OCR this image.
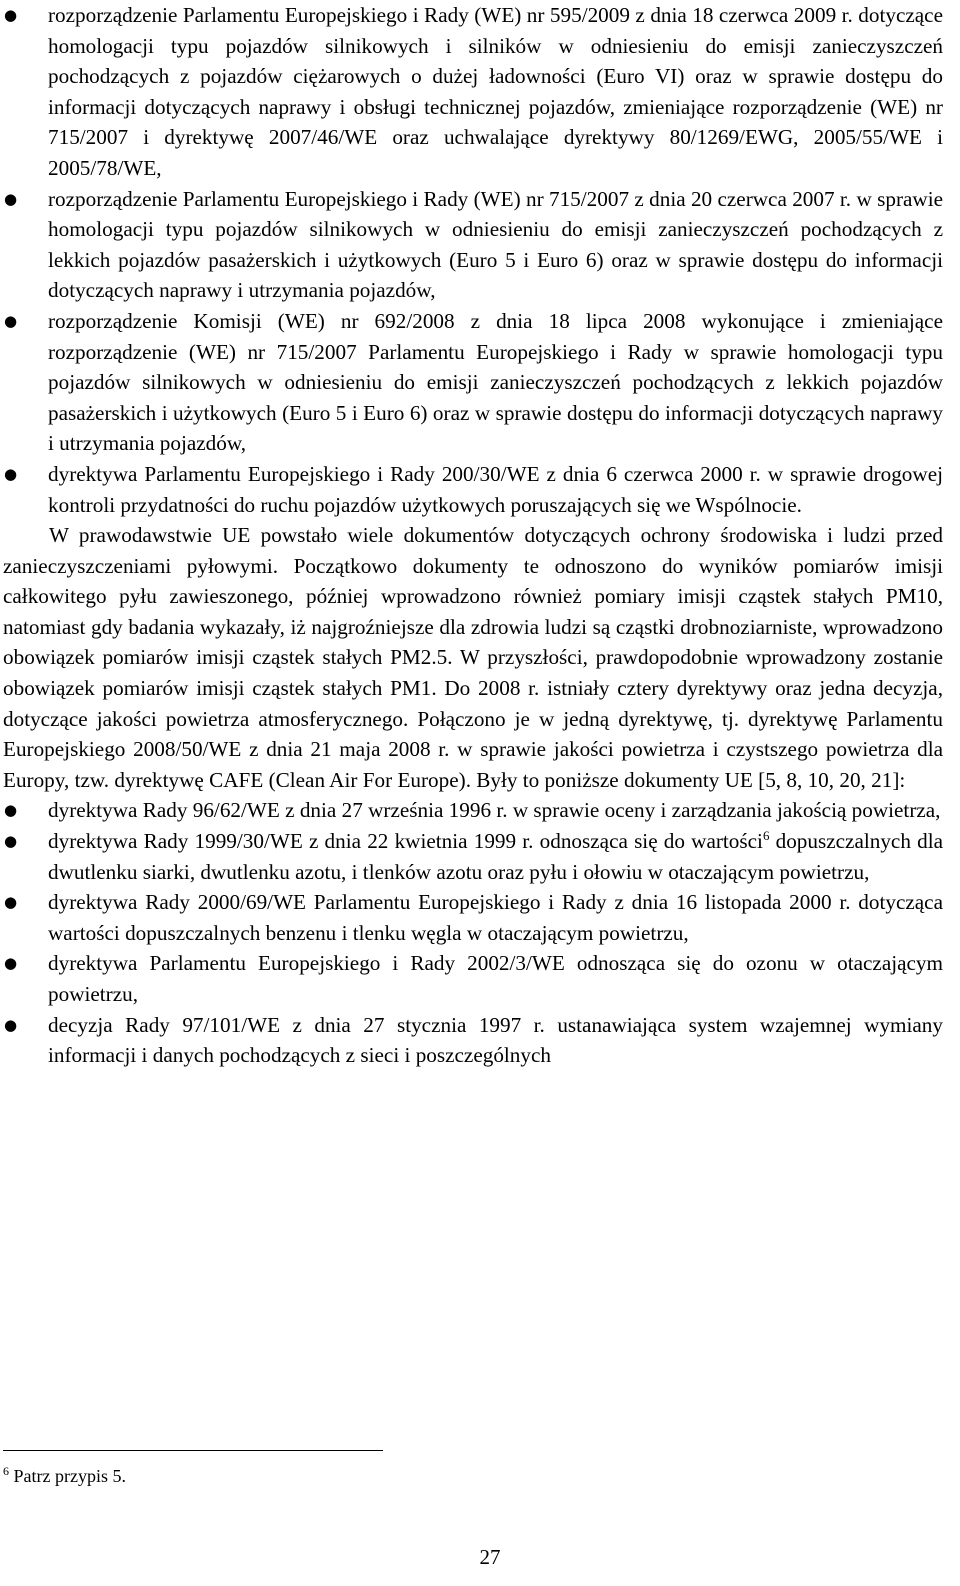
● rozporządzenie Parlamentu Europejskiego i Rady (WE) nr 595/2009 z dnia 18 czerwca 2009 r. dotyczące homologacji typu pojazdów silnikowych i silników w odniesieniu do emisji zanieczyszczeń pochodzących z pojazdów ciężarowych o dużej ładowności (Euro VI) oraz w sprawie dostępu do informacji dotyczących naprawy i obsługi technicznej pojazdów, zmieniające rozporządzenie (WE) nr 715/2007 i dyrektywę 2007/46/WE oraz uchwalające dyrektywy 80/1269/EWG, 2005/55/WE i 2005/78/WE,
● rozporządzenie Parlamentu Europejskiego i Rady (WE) nr 715/2007 z dnia 20 czerwca 2007 r. w sprawie homologacji typu pojazdów silnikowych w odniesieniu do emisji zanieczyszczeń pochodzących z lekkich pojazdów pasażerskich i użytkowych (Euro 5 i Euro 6) oraz w sprawie dostępu do informacji dotyczących naprawy i utrzymania pojazdów,
● rozporządzenie Komisji (WE) nr 692/2008 z dnia 18 lipca 2008 wykonujące i zmieniające rozporządzenie (WE) nr 715/2007 Parlamentu Europejskiego i Rady w sprawie homologacji typu pojazdów silnikowych w odniesieniu do emisji zanieczyszczeń pochodzących z lekkich pojazdów pasażerskich i użytkowych (Euro 5 i Euro 6) oraz w sprawie dostępu do informacji dotyczących naprawy i utrzymania pojazdów,
● dyrektywa Parlamentu Europejskiego i Rady 200/30/WE z dnia 6 czerwca 2000 r. w sprawie drogowej kontroli przydatności do ruchu pojazdów użytkowych poruszających się we Wspólnocie.

W prawodawstwie UE powstało wiele dokumentów dotyczących ochrony środowiska i ludzi przed zanieczyszczeniami pyłowymi. Początkowo dokumenty te odnoszono do wyników pomiarów imisji całkowitego pyłu zawieszonego, później wprowadzono również pomiary imisji cząstek stałych PM10, natomiast gdy badania wykazały, iż najgroźniejsze dla zdrowia ludzi są cząstki drobnoziarniste, wprowadzono obowiązek pomiarów imisji cząstek stałych PM2.5. W przyszłości, prawdopodobnie wprowadzony zostanie obowiązek pomiarów imisji cząstek stałych PM1. Do 2008 r. istniały cztery dyrektywy oraz jedna decyzja, dotyczące jakości powietrza atmosferycznego. Połączono je w jedną dyrektywę, tj. dyrektywę Parlamentu Europejskiego 2008/50/WE z dnia 21 maja 2008 r. w sprawie jakości powietrza i czystszego powietrza dla Europy, tzw. dyrektywę CAFE (Clean Air For Europe). Były to poniższe dokumenty UE [5, 8, 10, 20, 21]:

● dyrektywa Rady 96/62/WE z dnia 27 września 1996 r. w sprawie oceny i zarządzania jakością powietrza,
● dyrektywa Rady 1999/30/WE z dnia 22 kwietnia 1999 r. odnosząca się do wartości$^6$ dopuszczalnych dla dwutlenku siarki, dwutlenku azotu, i tlenków azotu oraz pyłu i ołowiu w otaczającym powietrzu,
● dyrektywa Rady 2000/69/WE Parlamentu Europejskiego i Rady z dnia 16 listopada 2000 r. dotycząca wartości dopuszczalnych benzenu i tlenku węgla w otaczającym powietrzu,
● dyrektywa Parlamentu Europejskiego i Rady 2002/3/WE odnosząca się do ozonu w otaczającym powietrzu,
● decyzja Rady 97/101/WE z dnia 27 stycznia 1997 r. ustanawiająca system wzajemnej wymiany informacji i danych pochodzących z sieci i poszczególnych
$^6$ Patrz przypis 5.
27
